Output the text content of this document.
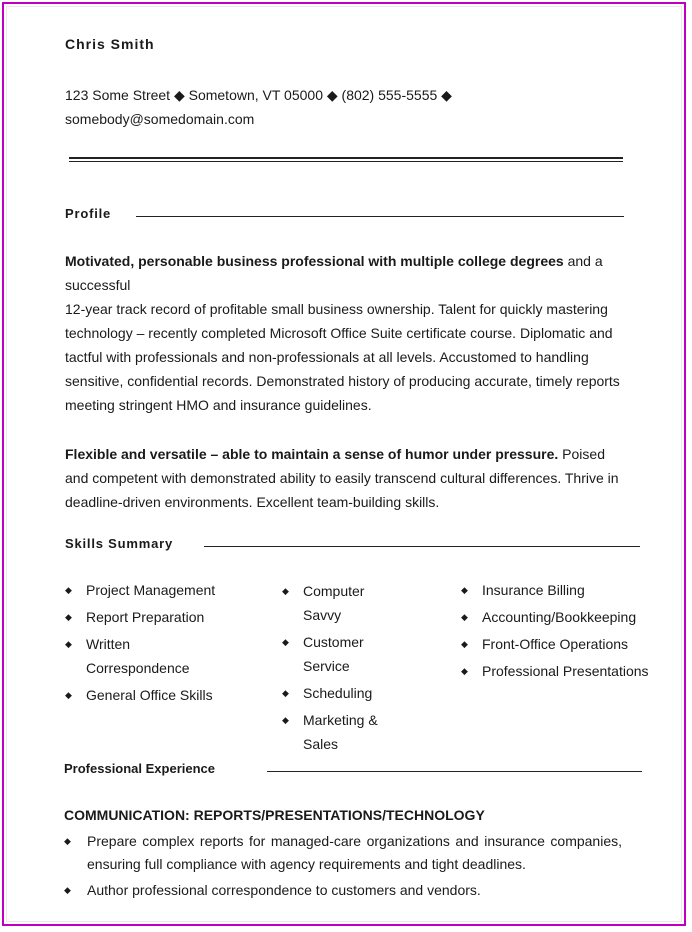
Chris Smith
123 Some Street ◆ Sometown, VT 05000 ◆ (802) 555-5555 ◆
somebody@somedomain.com
Profile
Motivated, personable business professional with multiple college degrees and a
successful
12-year track record of profitable small business ownership. Talent for quickly mastering technology – recently completed Microsoft Office Suite certificate course. Diplomatic and tactful with professionals and non-professionals at all levels. Accustomed to handling sensitive, confidential records. Demonstrated history of producing accurate, timely reports meeting stringent HMO and insurance guidelines.
Flexible and versatile – able to maintain a sense of humor under pressure. Poised and competent with demonstrated ability to easily transcend cultural differences. Thrive in deadline-driven environments. Excellent team-building skills.
Skills Summary
◆ Project Management
◆ Report Preparation
◆ Written Correspondence
◆ General Office Skills
◆ Computer Savvy
◆ Customer Service
◆ Scheduling
◆ Marketing & Sales
◆ Insurance Billing
◆ Accounting/Bookkeeping
◆ Front-Office Operations
◆ Professional Presentations
Professional Experience
COMMUNICATION: REPORTS/PRESENTATIONS/TECHNOLOGY
◆ Prepare complex reports for managed-care organizations and insurance companies, ensuring full compliance with agency requirements and tight deadlines.
◆ Author professional correspondence to customers and vendors.
